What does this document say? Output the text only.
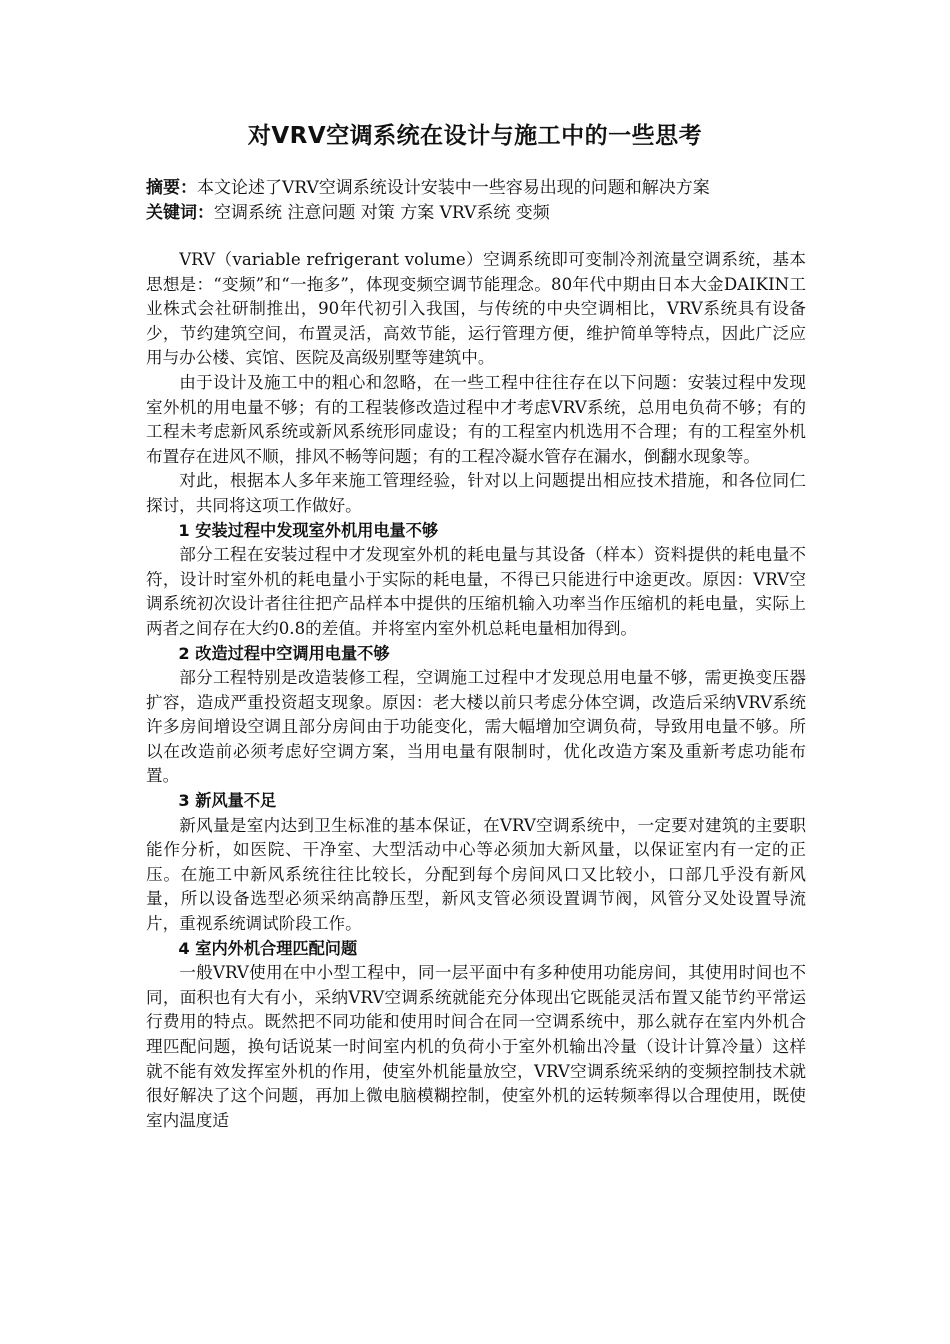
对VRV空调系统在设计与施工中的一些思考
摘要：本文论述了VRV空调系统设计安装中一些容易出现的问题和解决方案
关键词：空调系统 注意问题 对策 方案 VRV系统 变频

VRV（variable refrigerant volume）空调系统即可变制冷剂流量空调系统，基本思想是：“变频”和“一拖多”，体现变频空调节能理念。80年代中期由日本大金DAIKIN工业株式会社研制推出，90年代初引入我国，与传统的中央空调相比，VRV系统具有设备少，节约建筑空间，布置灵活，高效节能，运行管理方便，维护简单等特点，因此广泛应用与办公楼、宾馆、医院及高级别墅等建筑中。

由于设计及施工中的粗心和忽略，在一些工程中往往存在以下问题：安装过程中发现室外机的用电量不够；有的工程装修改造过程中才考虑VRV系统，总用电负荷不够；有的工程未考虑新风系统或新风系统形同虚设；有的工程室内机选用不合理；有的工程室外机布置存在进风不顺，排风不畅等问题；有的工程冷凝水管存在漏水，倒翻水现象等。

对此，根据本人多年来施工管理经验，针对以上问题提出相应技术措施，和各位同仁探讨，共同将这项工作做好。

1 安装过程中发现室外机用电量不够

部分工程在安装过程中才发现室外机的耗电量与其设备（样本）资料提供的耗电量不符，设计时室外机的耗电量小于实际的耗电量，不得已只能进行中途更改。原因：VRV空调系统初次设计者往往把产品样本中提供的压缩机输入功率当作压缩机的耗电量，实际上两者之间存在大约0.8的差值。并将室内室外机总耗电量相加得到。

2 改造过程中空调用电量不够

部分工程特别是改造装修工程，空调施工过程中才发现总用电量不够，需更换变压器扩容，造成严重投资超支现象。原因：老大楼以前只考虑分体空调，改造后采纳VRV系统许多房间增设空调且部分房间由于功能变化，需大幅增加空调负荷，导致用电量不够。所以在改造前必须考虑好空调方案，当用电量有限制时，优化改造方案及重新考虑功能布置。

3 新风量不足

新风量是室内达到卫生标准的基本保证，在VRV空调系统中，一定要对建筑的主要职能作分析，如医院、干净室、大型活动中心等必须加大新风量，以保证室内有一定的正压。在施工中新风系统往往比较长，分配到每个房间风口又比较小，口部几乎没有新风量，所以设备选型必须采纳高静压型，新风支管必须设置调节阀，风管分叉处设置导流片，重视系统调试阶段工作。

4 室内外机合理匹配问题

一般VRV使用在中小型工程中，同一层平面中有多种使用功能房间，其使用时间也不同，面积也有大有小，采纳VRV空调系统就能充分体现出它既能灵活布置又能节约平常运行费用的特点。既然把不同功能和使用时间合在同一空调系统中，那么就存在室内外机合理匹配问题，换句话说某一时间室内机的负荷小于室外机输出冷量（设计计算冷量）这样就不能有效发挥室外机的作用，使室外机能量放空，VRV空调系统采纳的变频控制技术就很好解决了这个问题，再加上微电脑模糊控制，使室外机的运转频率得以合理使用，既使室内温度适
